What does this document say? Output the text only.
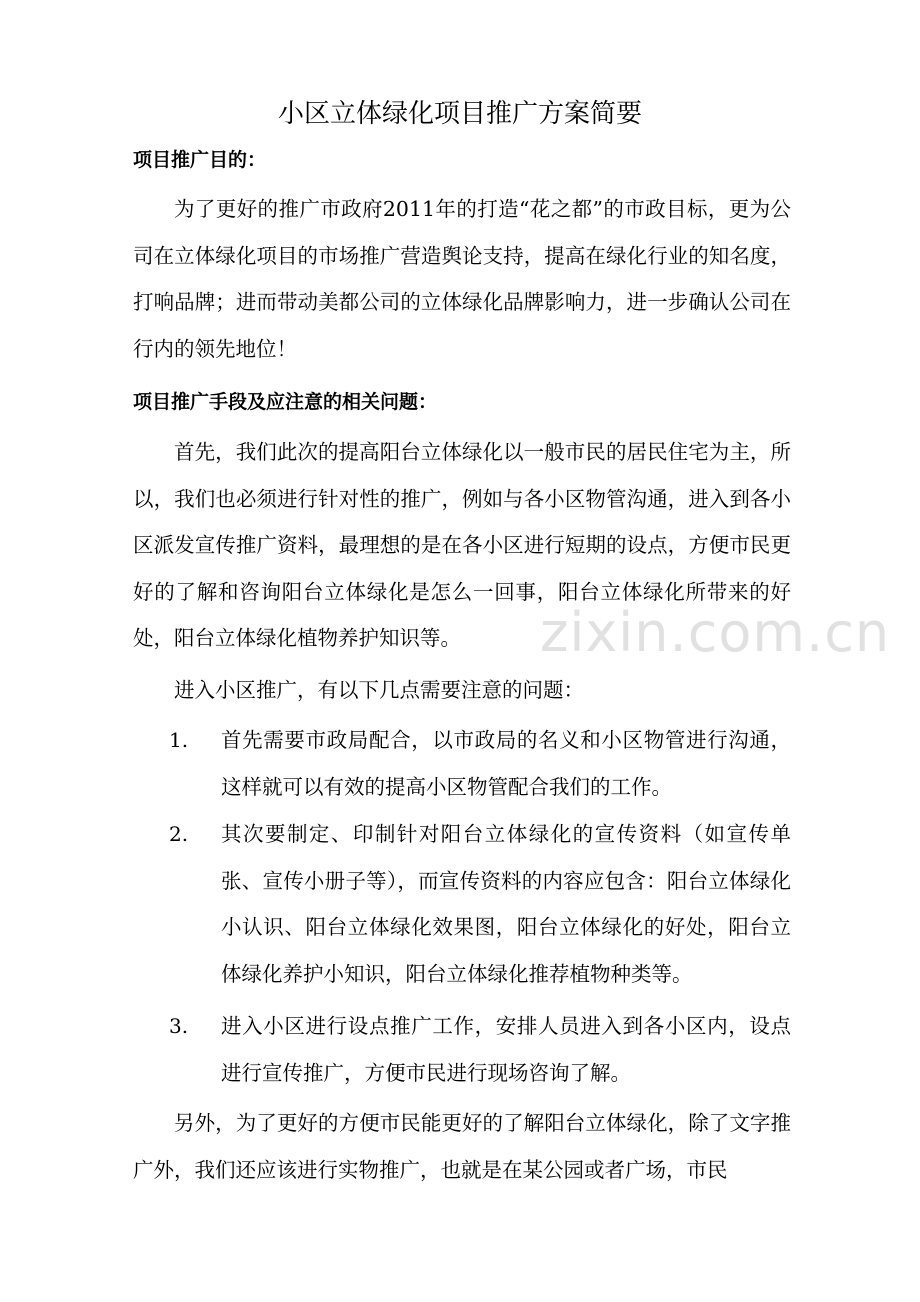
小区立体绿化项目推广方案简要
项目推广目的：

为了更好的推广市政府2011年的打造“花之都”的市政目标，更为公司在立体绿化项目的市场推广营造舆论支持，提高在绿化行业的知名度，打响品牌；进而带动美都公司的立体绿化品牌影响力，进一步确认公司在行内的领先地位！

项目推广手段及应注意的相关问题：

首先，我们此次的提高阳台立体绿化以一般市民的居民住宅为主，所以，我们也必须进行针对性的推广，例如与各小区物管沟通，进入到各小区派发宣传推广资料，最理想的是在各小区进行短期的设点，方便市民更好的了解和咨询阳台立体绿化是怎么一回事，阳台立体绿化所带来的好处，阳台立体绿化植物养护知识等。

进入小区推广，有以下几点需要注意的问题：

1. 首先需要市政局配合，以市政局的名义和小区物管进行沟通，这样就可以有效的提高小区物管配合我们的工作。

2. 其次要制定、印制针对阳台立体绿化的宣传资料（如宣传单张、宣传小册子等），而宣传资料的内容应包含：阳台立体绿化小认识、阳台立体绿化效果图，阳台立体绿化的好处，阳台立体绿化养护小知识，阳台立体绿化推荐植物种类等。

3. 进入小区进行设点推广工作，安排人员进入到各小区内，设点进行宣传推广，方便市民进行现场咨询了解。

另外，为了更好的方便市民能更好的了解阳台立体绿化，除了文字推广外，我们还应该进行实物推广，也就是在某公园或者广场，市民

zixin.com.cn
